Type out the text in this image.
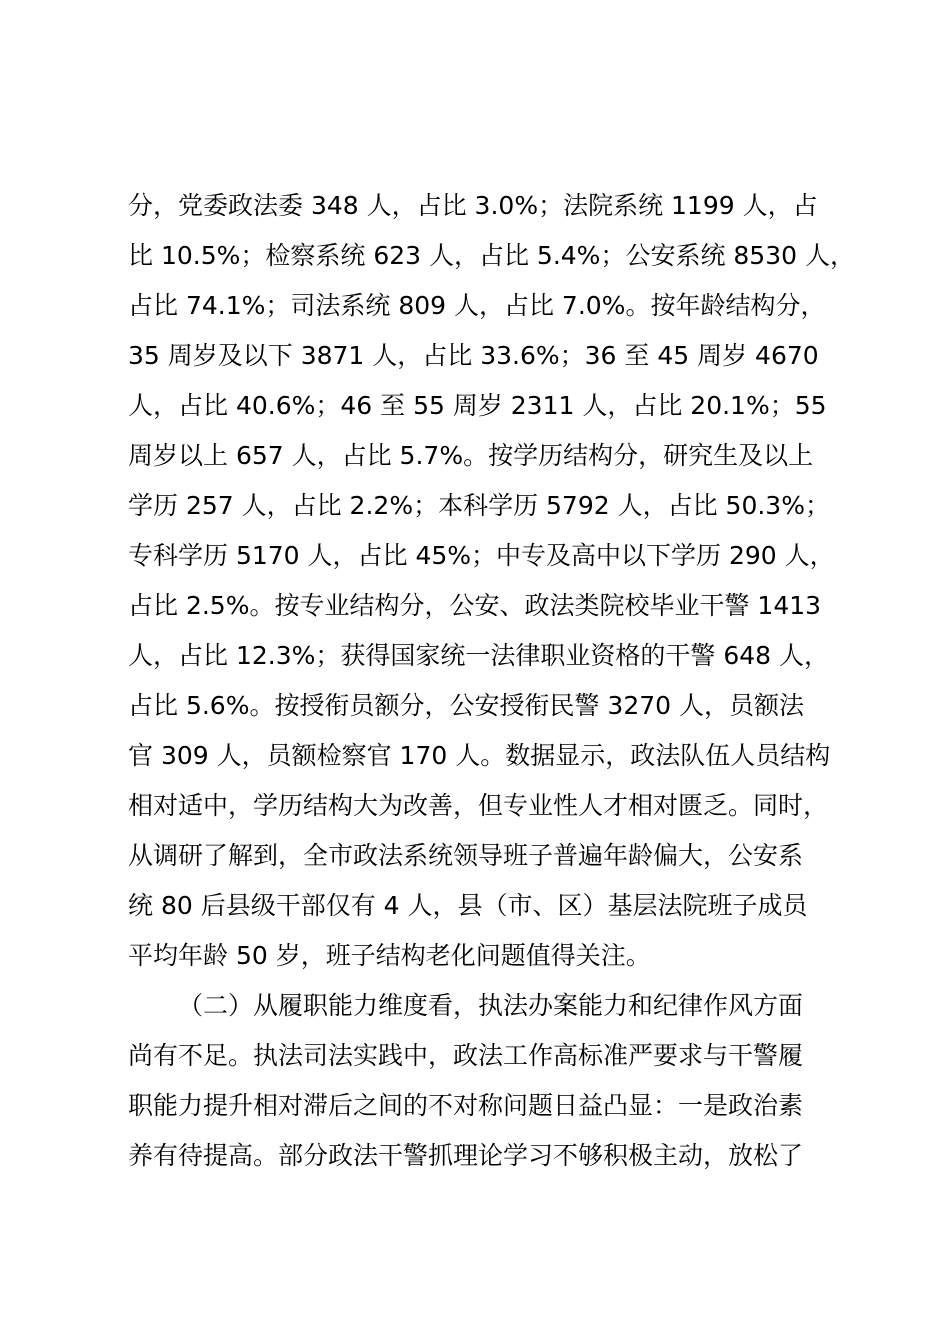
分，党委政法委 348 人，占比 3.0%；法院系统 1199 人，占
比 10.5%；检察系统 623 人，占比 5.4%；公安系统 8530 人，
占比 74.1%；司法系统 809 人，占比 7.0%。按年龄结构分，
35 周岁及以下 3871 人，占比 33.6%；36 至 45 周岁 4670
人，占比 40.6%；46 至 55 周岁 2311 人，占比 20.1%；55
周岁以上 657 人，占比 5.7%。按学历结构分，研究生及以上
学历 257 人，占比 2.2%；本科学历 5792 人，占比 50.3%；
专科学历 5170 人，占比 45%；中专及高中以下学历 290 人，
占比 2.5%。按专业结构分，公安、政法类院校毕业干警 1413
人，占比 12.3%；获得国家统一法律职业资格的干警 648 人，
占比 5.6%。按授衔员额分，公安授衔民警 3270 人，员额法
官 309 人，员额检察官 170 人。数据显示，政法队伍人员结构
相对适中，学历结构大为改善，但专业性人才相对匮乏。同时，
从调研了解到，全市政法系统领导班子普遍年龄偏大，公安系
统 80 后县级干部仅有 4 人，县（市、区）基层法院班子成员
平均年龄 50 岁，班子结构老化问题值得关注。
（二）从履职能力维度看，执法办案能力和纪律作风方面
尚有不足。执法司法实践中，政法工作高标准严要求与干警履
职能力提升相对滞后之间的不对称问题日益凸显：一是政治素
养有待提高。部分政法干警抓理论学习不够积极主动，放松了
